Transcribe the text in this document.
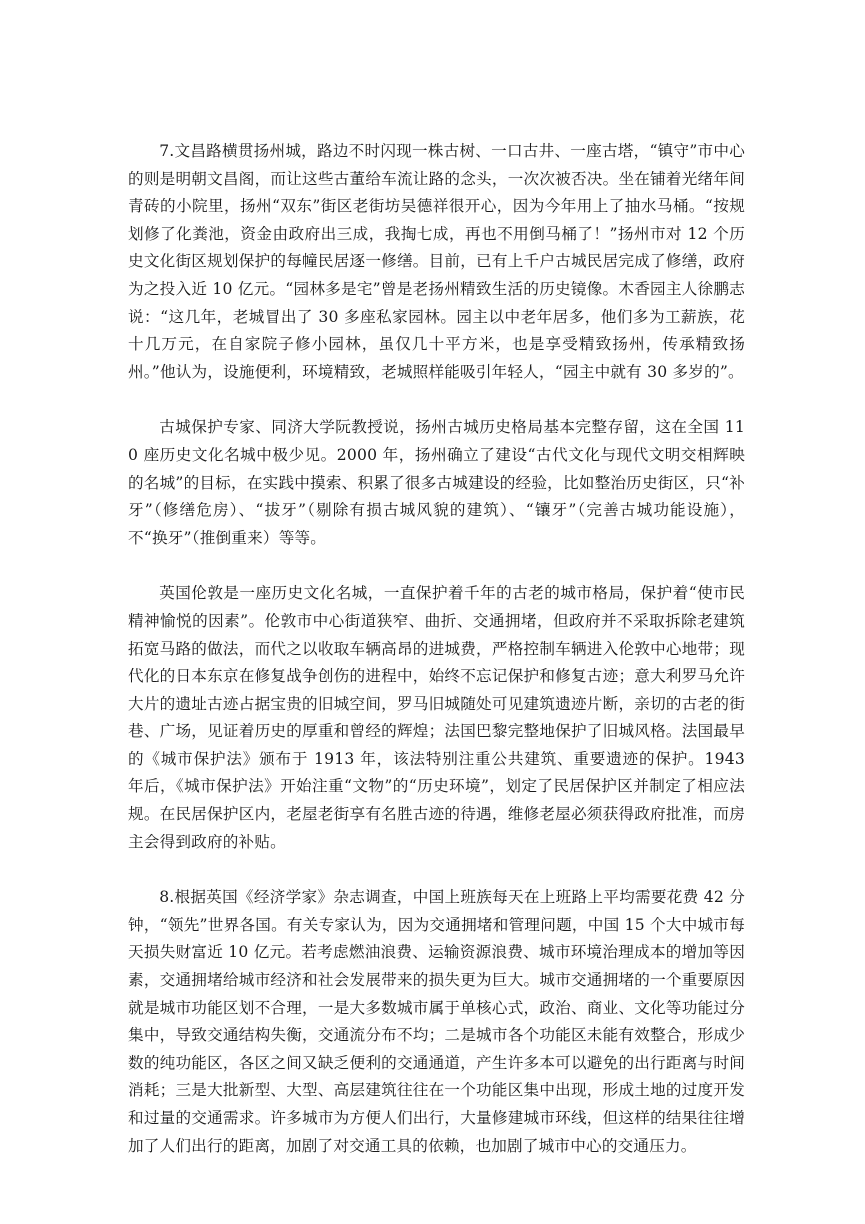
7.文昌路横贯扬州城，路边不时闪现一株古树、一口古井、一座古塔，“镇守”市中心的则是明朝文昌阁，而让这些古董给车流让路的念头，一次次被否决。坐在铺着光绪年间青砖的小院里，扬州“双东”街区老街坊吴德祥很开心，因为今年用上了抽水马桶。“按规划修了化粪池，资金由政府出三成，我掏七成，再也不用倒马桶了！”扬州市对 12 个历史文化街区规划保护的每幢民居逐一修缮。目前，已有上千户古城民居完成了修缮，政府为之投入近 10 亿元。“园林多是宅”曾是老扬州精致生活的历史镜像。木香园主人徐鹏志说：“这几年，老城冒出了 30 多座私家园林。园主以中老年居多，他们多为工薪族，花十几万元，在自家院子修小园林，虽仅几十平方米，也是享受精致扬州，传承精致扬州。”他认为，设施便利，环境精致，老城照样能吸引年轻人，“园主中就有 30 多岁的”。

古城保护专家、同济大学阮教授说，扬州古城历史格局基本完整存留，这在全国 110 座历史文化名城中极少见。2000 年，扬州确立了建设“古代文化与现代文明交相辉映的名城”的目标，在实践中摸索、积累了很多古城建设的经验，比如整治历史街区，只“补牙”（修缮危房）、“拔牙”（剔除有损古城风貌的建筑）、“镶牙”（完善古城功能设施），不“换牙”（推倒重来）等等。

英国伦敦是一座历史文化名城，一直保护着千年的古老的城市格局，保护着“使市民精神愉悦的因素”。伦敦市中心街道狭窄、曲折、交通拥堵，但政府并不采取拆除老建筑拓宽马路的做法，而代之以收取车辆高昂的进城费，严格控制车辆进入伦敦中心地带；现代化的日本东京在修复战争创伤的进程中，始终不忘记保护和修复古迹；意大利罗马允许大片的遗址古迹占据宝贵的旧城空间，罗马旧城随处可见建筑遗迹片断，亲切的古老的街巷、广场，见证着历史的厚重和曾经的辉煌；法国巴黎完整地保护了旧城风格。法国最早的《城市保护法》颁布于 1913 年，该法特别注重公共建筑、重要遗迹的保护。1943 年后，《城市保护法》开始注重“文物”的“历史环境”，划定了民居保护区并制定了相应法规。在民居保护区内，老屋老街享有名胜古迹的待遇，维修老屋必须获得政府批准，而房主会得到政府的补贴。

8.根据英国《经济学家》杂志调查，中国上班族每天在上班路上平均需要花费 42 分钟，“领先”世界各国。有关专家认为，因为交通拥堵和管理问题，中国 15 个大中城市每天损失财富近 10 亿元。若考虑燃油浪费、运输资源浪费、城市环境治理成本的增加等因素，交通拥堵给城市经济和社会发展带来的损失更为巨大。城市交通拥堵的一个重要原因就是城市功能区划不合理，一是大多数城市属于单核心式，政治、商业、文化等功能过分集中，导致交通结构失衡，交通流分布不均；二是城市各个功能区未能有效整合，形成少数的纯功能区，各区之间又缺乏便利的交通通道，产生许多本可以避免的出行距离与时间消耗；三是大批新型、大型、高层建筑往往在一个功能区集中出现，形成土地的过度开发和过量的交通需求。许多城市为方便人们出行，大量修建城市环线，但这样的结果往往增加了人们出行的距离，加剧了对交通工具的依赖，也加剧了城市中心的交通压力。
